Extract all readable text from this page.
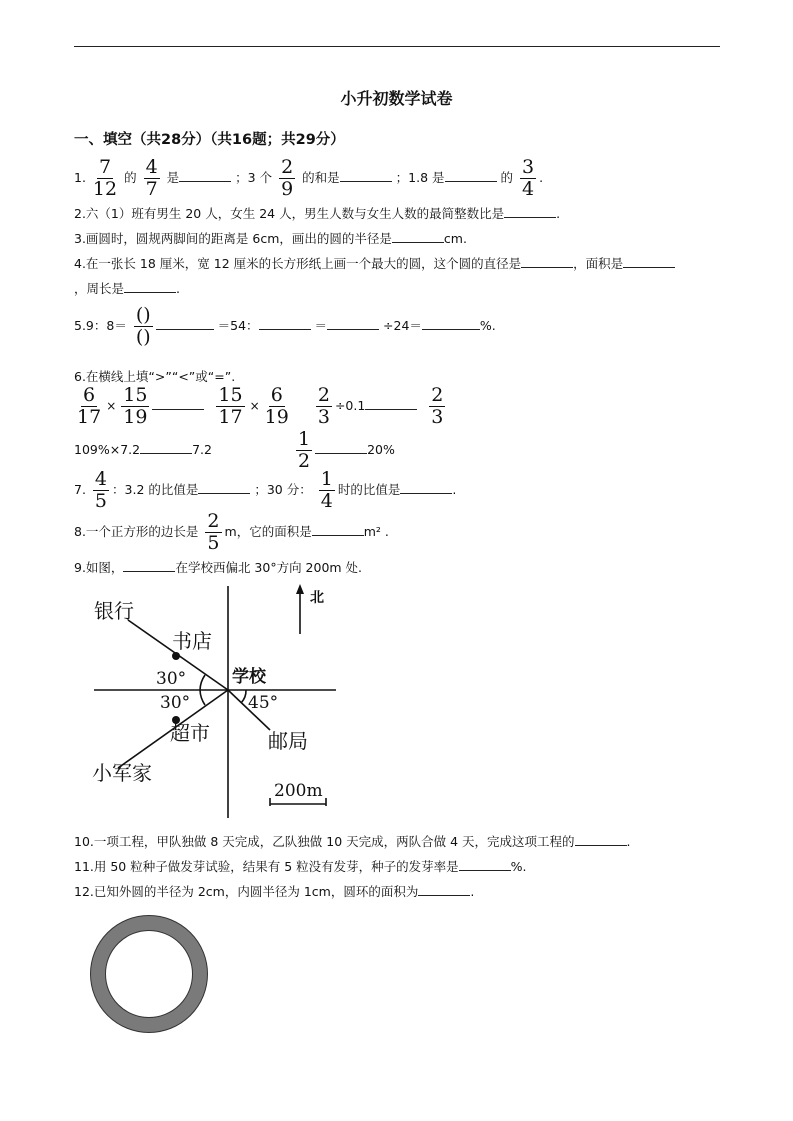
小升初数学试卷
一、填空（共28分）（共16题；共29分）
1. $\frac{7}{12}$ 的 $\frac{4}{7}$ 是	；3 个 $\frac{2}{9}$ 的和是	；1.8 是	的 $\frac{3}{4}$ .
2.六（1）班有男生 20 人，女生 24 人，男生人数与女生人数的最简整数比是	.
3.画圆时，圆规两脚间的距离是 6cm，画出的圆的半径是	cm.
4.在一张长 18 厘米，宽 12 厘米的长方形纸上画一个最大的圆，这个圆的直径是	，面积是
，周长是	.
5.9：$8= \frac{()}{()}$	＝54：	＝	÷24＝	%.
6.在横线上填“>”“<”或“=”.
$\frac{6}{17} \times \frac{15}{19}$
	$\frac{15}{17} \times \frac{6}{19}$
$\frac{2}{3} \div 0.1$	$\frac{2}{3}$
109%×7.2	7.2	$\frac{1}{2}$	20%
7. $\frac{4}{5}$ ：3.2 的比值是	；30 分： $\frac{1}{4}$ 时的比值是	.
8.一个正方形的边长是 $\frac{2}{5}$ m，它的面积是	m² .
9.如图，	在学校西偏北 30°方向 200m 处.
北
银行
书店
学校
超市
小军家
邮局
30°
30°	45°
200m
10.一项工程，甲队独做 8 天完成，乙队独做 10 天完成，两队合做 4 天，完成这项工程的	.
11.用 50 粒种子做发芽试验，结果有 5 粒没有发芽，种子的发芽率是	%.
12.已知外圆的半径为 2cm，内圆半径为 1cm，圆环的面积为	.
